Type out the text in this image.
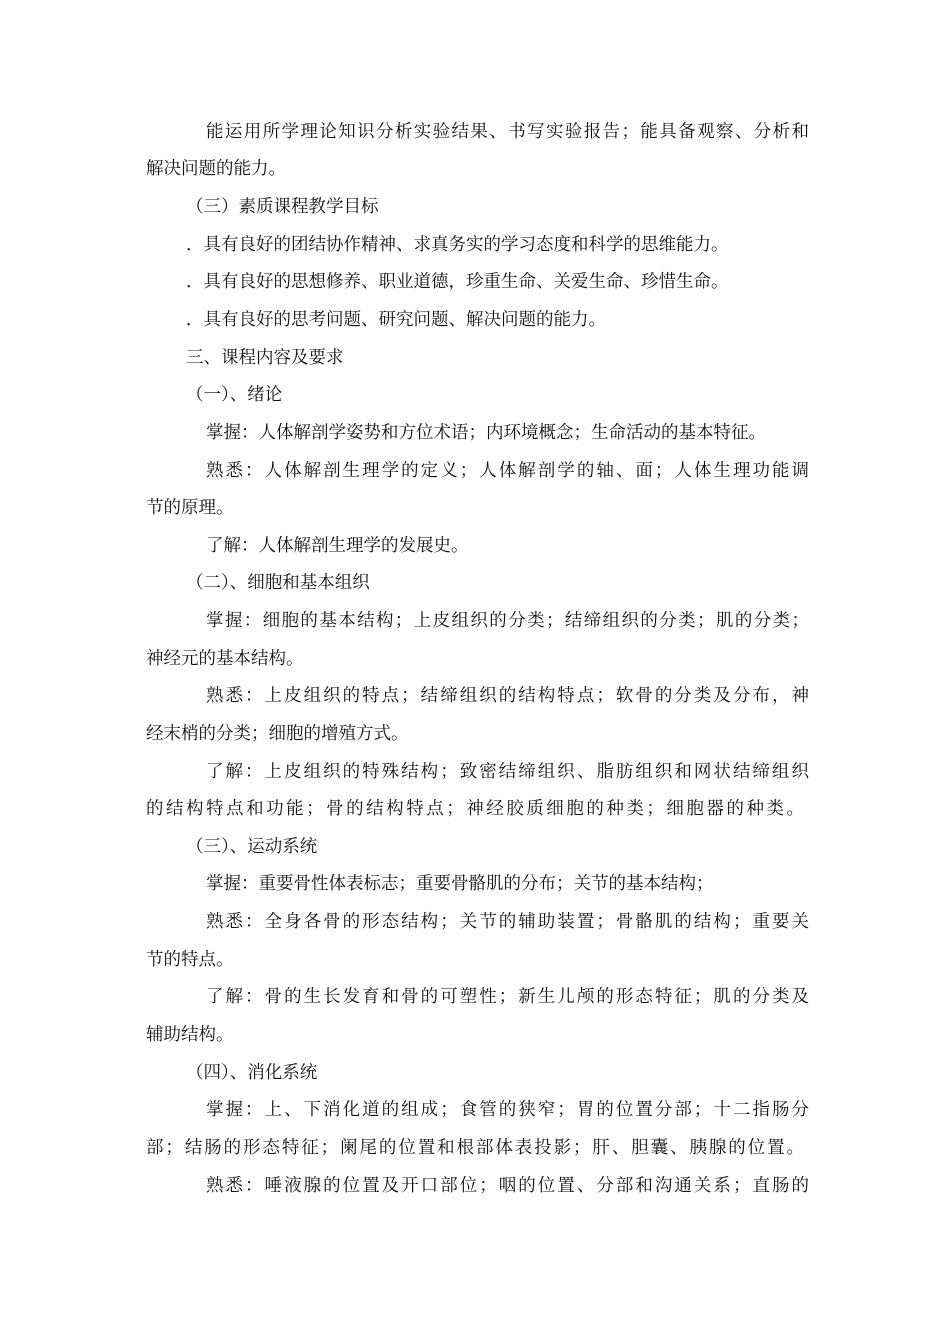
能运用所学理论知识分析实验结果、书写实验报告；能具备观察、分析和
解决问题的能力。
（三）素质课程教学目标
．具有良好的团结协作精神、求真务实的学习态度和科学的思维能力。
．具有良好的思想修养、职业道德，珍重生命、关爱生命、珍惜生命。
．具有良好的思考问题、研究问题、解决问题的能力。
三、课程内容及要求
（一）、绪论
掌握：人体解剖学姿势和方位术语；内环境概念；生命活动的基本特征。
熟悉：人体解剖生理学的定义；人体解剖学的轴、面；人体生理功能调
节的原理。
了解：人体解剖生理学的发展史。
（二）、细胞和基本组织
掌握：细胞的基本结构；上皮组织的分类；结缔组织的分类；肌的分类；
神经元的基本结构。
熟悉：上皮组织的特点；结缔组织的结构特点；软骨的分类及分布，神
经末梢的分类；细胞的增殖方式。
了解：上皮组织的特殊结构；致密结缔组织、脂肪组织和网状结缔组织
的结构特点和功能；骨的结构特点；神经胶质细胞的种类；细胞器的种类。
（三）、运动系统
掌握：重要骨性体表标志；重要骨骼肌的分布；关节的基本结构；
熟悉：全身各骨的形态结构；关节的辅助装置；骨骼肌的结构；重要关
节的特点。
了解：骨的生长发育和骨的可塑性；新生儿颅的形态特征；肌的分类及
辅助结构。
（四）、消化系统
掌握：上、下消化道的组成；食管的狭窄；胃的位置分部；十二指肠分
部；结肠的形态特征；阑尾的位置和根部体表投影；肝、胆囊、胰腺的位置。
熟悉：唾液腺的位置及开口部位；咽的位置、分部和沟通关系；直肠的
